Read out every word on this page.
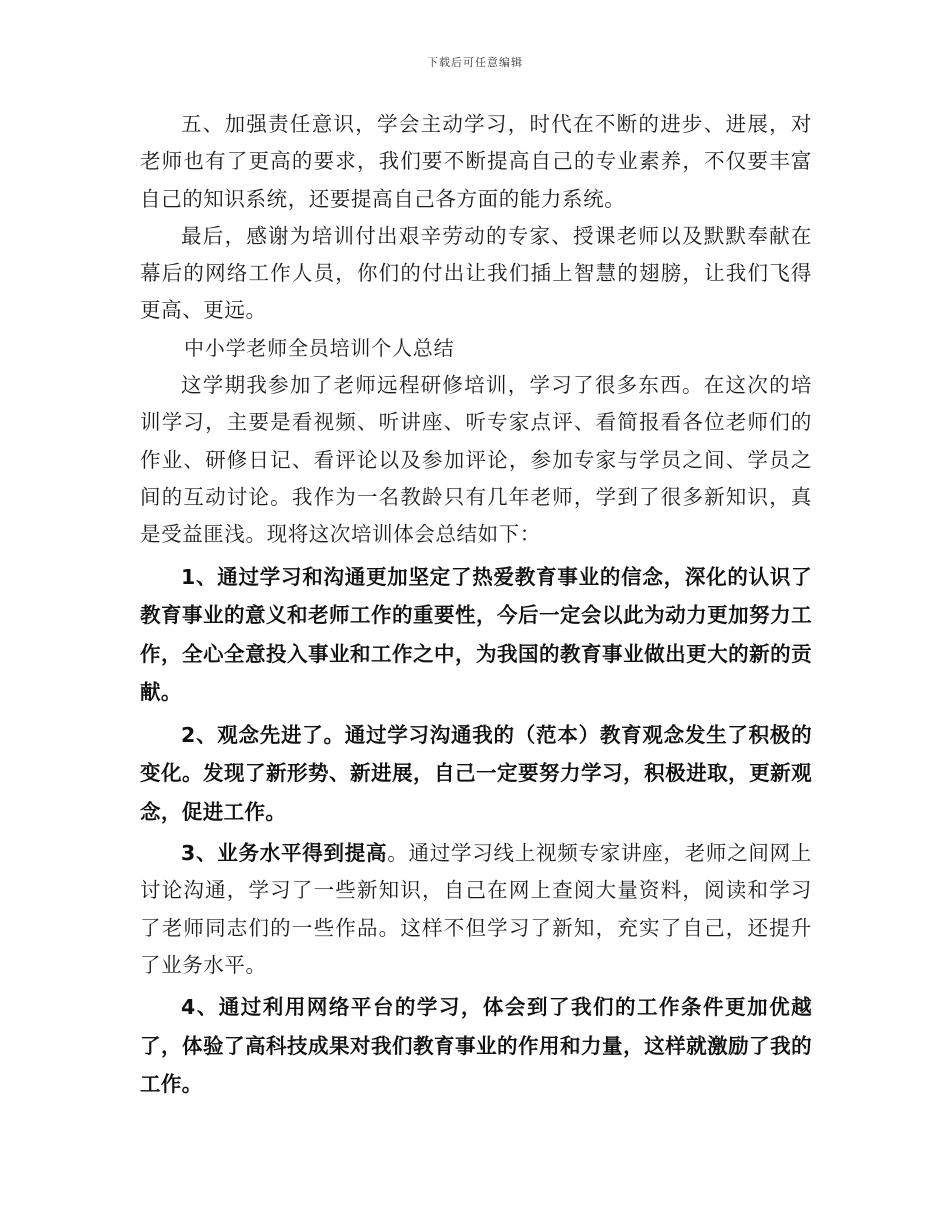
下载后可任意编辑

五、加强责任意识，学会主动学习，时代在不断的进步、进展，对老师也有了更高的要求，我们要不断提高自己的专业素养，不仅要丰富自己的知识系统，还要提高自己各方面的能力系统。

最后，感谢为培训付出艰辛劳动的专家、授课老师以及默默奉献在幕后的网络工作人员，你们的付出让我们插上智慧的翅膀，让我们飞得更高、更远。

中小学老师全员培训个人总结

这学期我参加了老师远程研修培训，学习了很多东西。在这次的培训学习，主要是看视频、听讲座、听专家点评、看简报看各位老师们的作业、研修日记、看评论以及参加评论，参加专家与学员之间、学员之间的互动讨论。我作为一名教龄只有几年老师，学到了很多新知识，真是受益匪浅。现将这次培训体会总结如下：

1、通过学习和沟通更加坚定了热爱教育事业的信念，深化的认识了教育事业的意义和老师工作的重要性，今后一定会以此为动力更加努力工作，全心全意投入事业和工作之中，为我国的教育事业做出更大的新的贡献。

2、观念先进了。通过学习沟通我的（范本）教育观念发生了积极的变化。发现了新形势、新进展，自己一定要努力学习，积极进取，更新观念，促进工作。

3、业务水平得到提高。通过学习线上视频专家讲座，老师之间网上讨论沟通，学习了一些新知识，自己在网上查阅大量资料，阅读和学习了老师同志们的一些作品。这样不但学习了新知，充实了自己，还提升了业务水平。

4、通过利用网络平台的学习，体会到了我们的工作条件更加优越了，体验了高科技成果对我们教育事业的作用和力量，这样就激励了我的工作。
